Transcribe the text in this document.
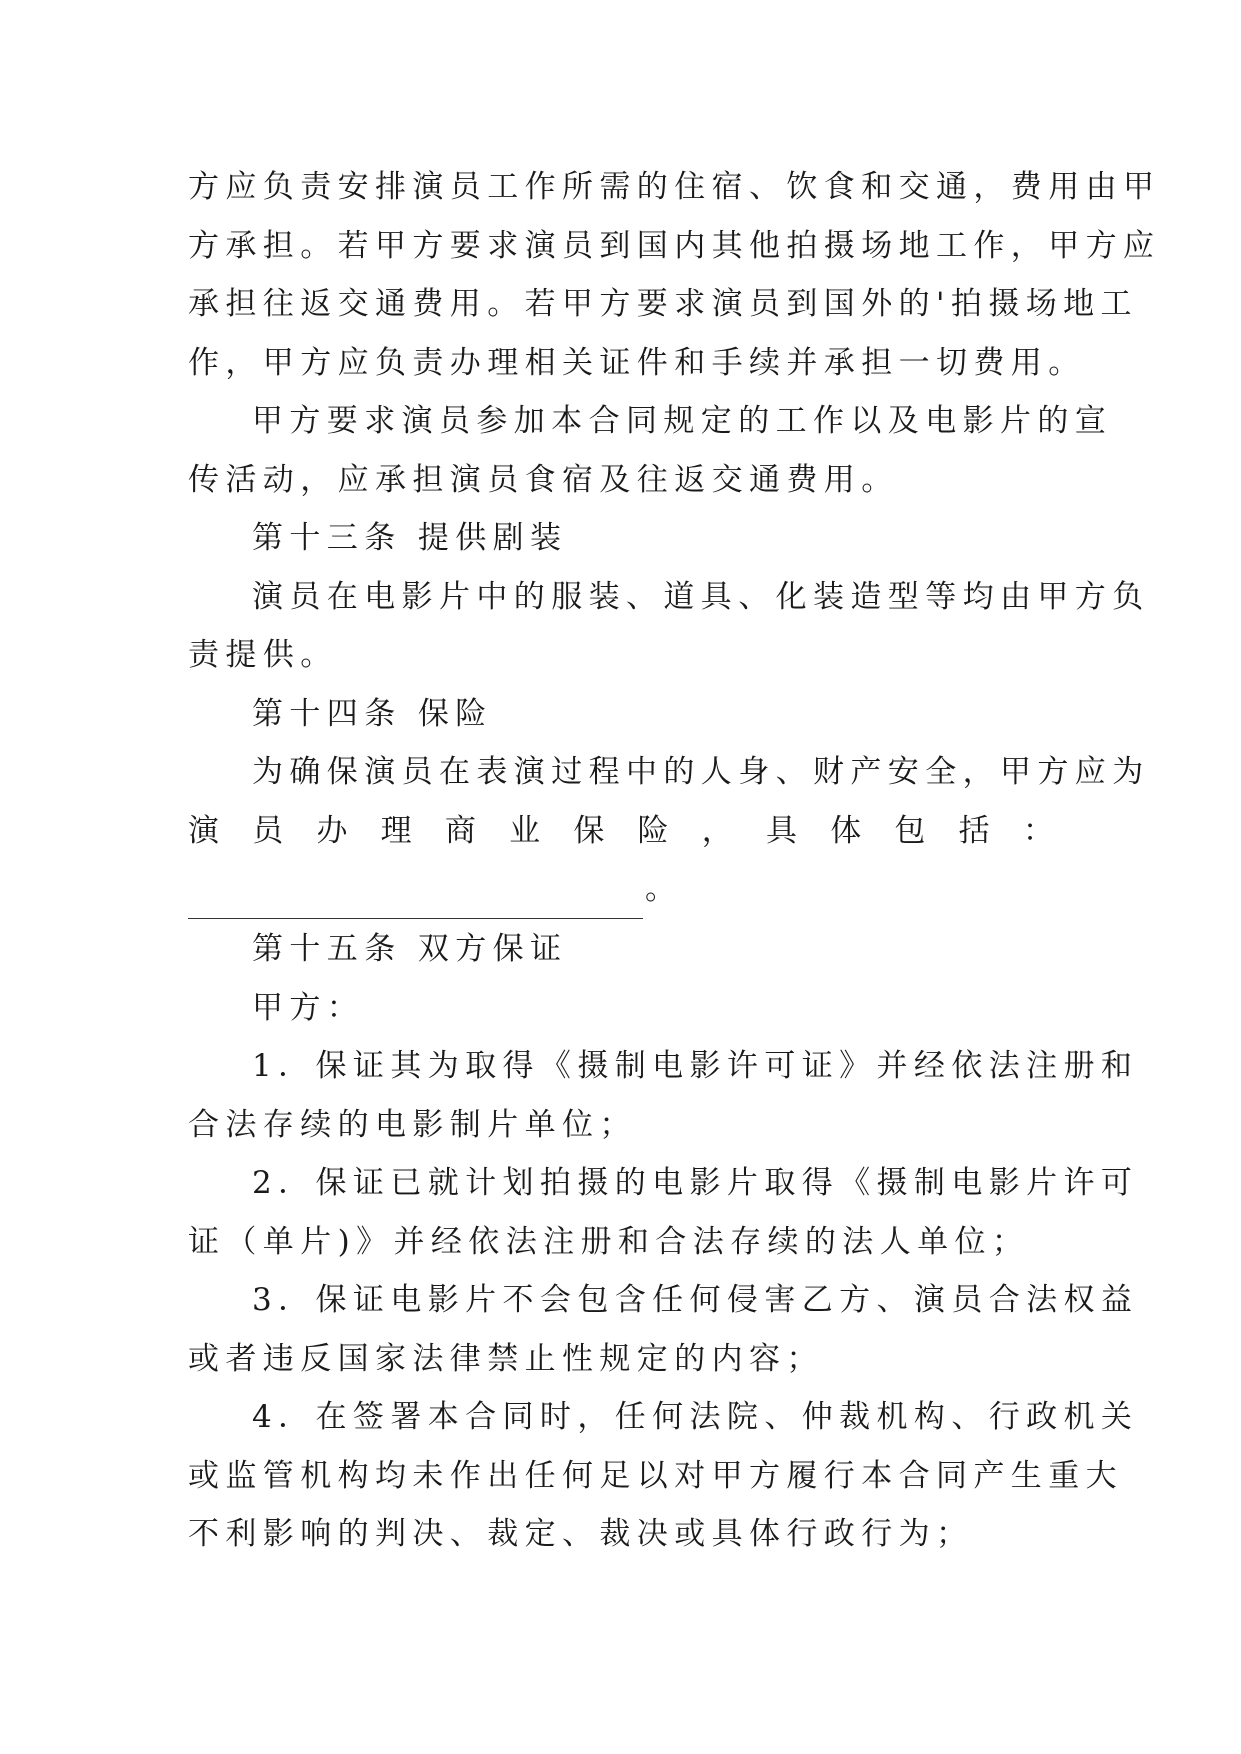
方应负责安排演员工作所需的住宿、饮食和交通，费用由甲
方承担。若甲方要求演员到国内其他拍摄场地工作，甲方应
承担往返交通费用。若甲方要求演员到国外的'拍摄场地工
作，甲方应负责办理相关证件和手续并承担一切费用。
甲方要求演员参加本合同规定的工作以及电影片的宣
传活动，应承担演员食宿及往返交通费用。
第十三条 提供剧装
演员在电影片中的服装、道具、化装造型等均由甲方负
责提供。
第十四条 保险
为确保演员在表演过程中的人身、财产安全，甲方应为
演 员 办 理 商 业 保 险 ， 具 体 包 括 ：
。
第十五条 双方保证
甲方：
1．保证其为取得《摄制电影许可证》并经依法注册和
合法存续的电影制片单位；
2．保证已就计划拍摄的电影片取得《摄制电影片许可
证（单片)》并经依法注册和合法存续的法人单位；
3．保证电影片不会包含任何侵害乙方、演员合法权益
或者违反国家法律禁止性规定的内容；
4．在签署本合同时，任何法院、仲裁机构、行政机关
或监管机构均未作出任何足以对甲方履行本合同产生重大
不利影响的判决、裁定、裁决或具体行政行为；
